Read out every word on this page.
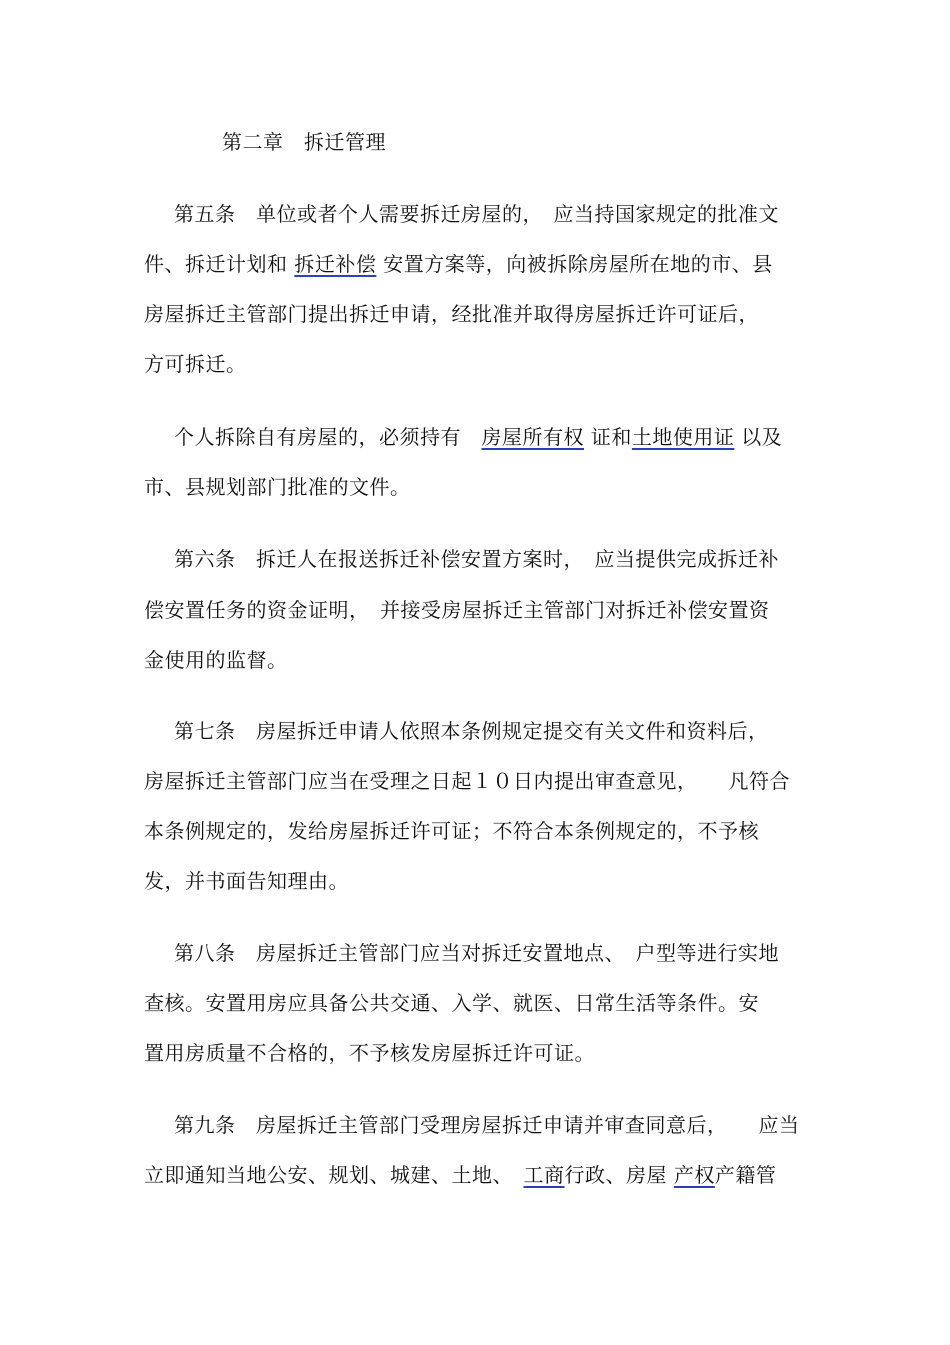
第二章　拆迁管理
第五条　单位或者个人需要拆迁房屋的，　应当持国家规定的批准文
件、拆迁计划和 拆迁补偿 安置方案等，向被拆除房屋所在地的市、县
房屋拆迁主管部门提出拆迁申请，经批准并取得房屋拆迁许可证后，
方可拆迁。
个人拆除自有房屋的，必须持有　房屋所有权 证和土地使用证 以及
市、县规划部门批准的文件。
第六条　拆迁人在报送拆迁补偿安置方案时，　应当提供完成拆迁补
偿安置任务的资金证明，　并接受房屋拆迁主管部门对拆迁补偿安置资
金使用的监督。
第七条　房屋拆迁申请人依照本条例规定提交有关文件和资料后，
房屋拆迁主管部门应当在受理之日起１０日内提出审查意见，　　凡符合
本条例规定的，发给房屋拆迁许可证；不符合本条例规定的，不予核
发，并书面告知理由。
第八条　房屋拆迁主管部门应当对拆迁安置地点、　户型等进行实地
查核。安置用房应具备公共交通、入学、就医、日常生活等条件。安
置用房质量不合格的，不予核发房屋拆迁许可证。
第九条　房屋拆迁主管部门受理房屋拆迁申请并审查同意后，　　应当
立即通知当地公安、规划、城建、土地、　工商行政、房屋 产权产籍管
